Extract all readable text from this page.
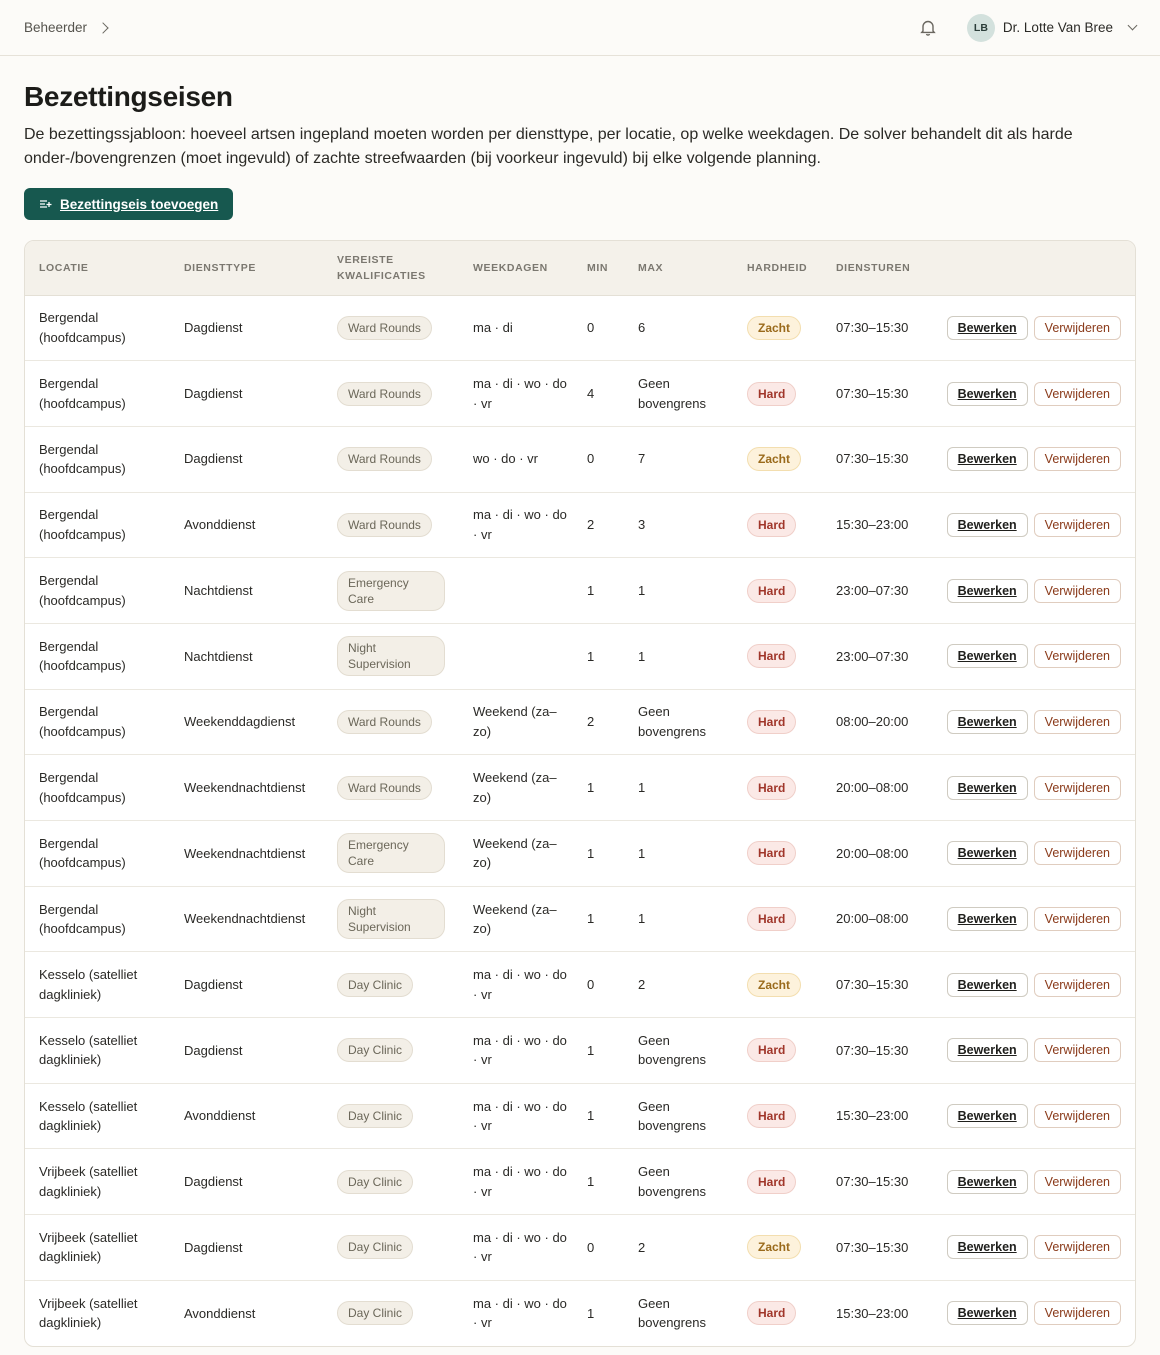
Beheerder	LB	Dr. Lotte Van Bree
Bezettingseisen

De bezettingssjabloon: hoeveel artsen ingepland moeten worden per diensttype, per locatie, op welke weekdagen. De solver behandelt dit als harde onder-/bovengrenzen (moet ingevuld) of zachte streefwaarden (bij voorkeur ingevuld) bij elke volgende planning.

Bezettingseis toevoegen
LOCATIE	DIENSTTYPE	VEREISTE KWALIFICATIES	WEEKDAGEN	MIN	MAX	HARDHEID	DIENSTUREN	
Bergendal (hoofdcampus)	Dagdienst	Ward Rounds	ma · di	0	6	Zacht	07:30–15:30	Bewerken Verwijderen
Bergendal (hoofdcampus)	Dagdienst	Ward Rounds	ma · di · wo · do · vr	4	Geen bovengrens	Hard	07:30–15:30	Bewerken Verwijderen
Bergendal (hoofdcampus)	Dagdienst	Ward Rounds	wo · do · vr	0	7	Zacht	07:30–15:30	Bewerken Verwijderen
Bergendal (hoofdcampus)	Avonddienst	Ward Rounds	ma · di · wo · do · vr	2	3	Hard	15:30–23:00	Bewerken Verwijderen
Bergendal (hoofdcampus)	Nachtdienst	Emergency Care		1	1	Hard	23:00–07:30	Bewerken Verwijderen
Bergendal (hoofdcampus)	Nachtdienst	Night Supervision		1	1	Hard	23:00–07:30	Bewerken Verwijderen
Bergendal (hoofdcampus)	Weekenddagdienst	Ward Rounds	Weekend (za–zo)	2	Geen bovengrens	Hard	08:00–20:00	Bewerken Verwijderen
Bergendal (hoofdcampus)	Weekendnachtdienst	Ward Rounds	Weekend (za–zo)	1	1	Hard	20:00–08:00	Bewerken Verwijderen
Bergendal (hoofdcampus)	Weekendnachtdienst	Emergency Care	Weekend (za–zo)	1	1	Hard	20:00–08:00	Bewerken Verwijderen
Bergendal (hoofdcampus)	Weekendnachtdienst	Night Supervision	Weekend (za–zo)	1	1	Hard	20:00–08:00	Bewerken Verwijderen
Kesselo (satelliet dagkliniek)	Dagdienst	Day Clinic	ma · di · wo · do · vr	0	2	Zacht	07:30–15:30	Bewerken Verwijderen
Kesselo (satelliet dagkliniek)	Dagdienst	Day Clinic	ma · di · wo · do · vr	1	Geen bovengrens	Hard	07:30–15:30	Bewerken Verwijderen
Kesselo (satelliet dagkliniek)	Avonddienst	Day Clinic	ma · di · wo · do · vr	1	Geen bovengrens	Hard	15:30–23:00	Bewerken Verwijderen
Vrijbeek (satelliet dagkliniek)	Dagdienst	Day Clinic	ma · di · wo · do · vr	1	Geen bovengrens	Hard	07:30–15:30	Bewerken Verwijderen
Vrijbeek (satelliet dagkliniek)	Dagdienst	Day Clinic	ma · di · wo · do · vr	0	2	Zacht	07:30–15:30	Bewerken Verwijderen
Vrijbeek (satelliet dagkliniek)	Avonddienst	Day Clinic	ma · di · wo · do · vr	1	Geen bovengrens	Hard	15:30–23:00	Bewerken Verwijderen
